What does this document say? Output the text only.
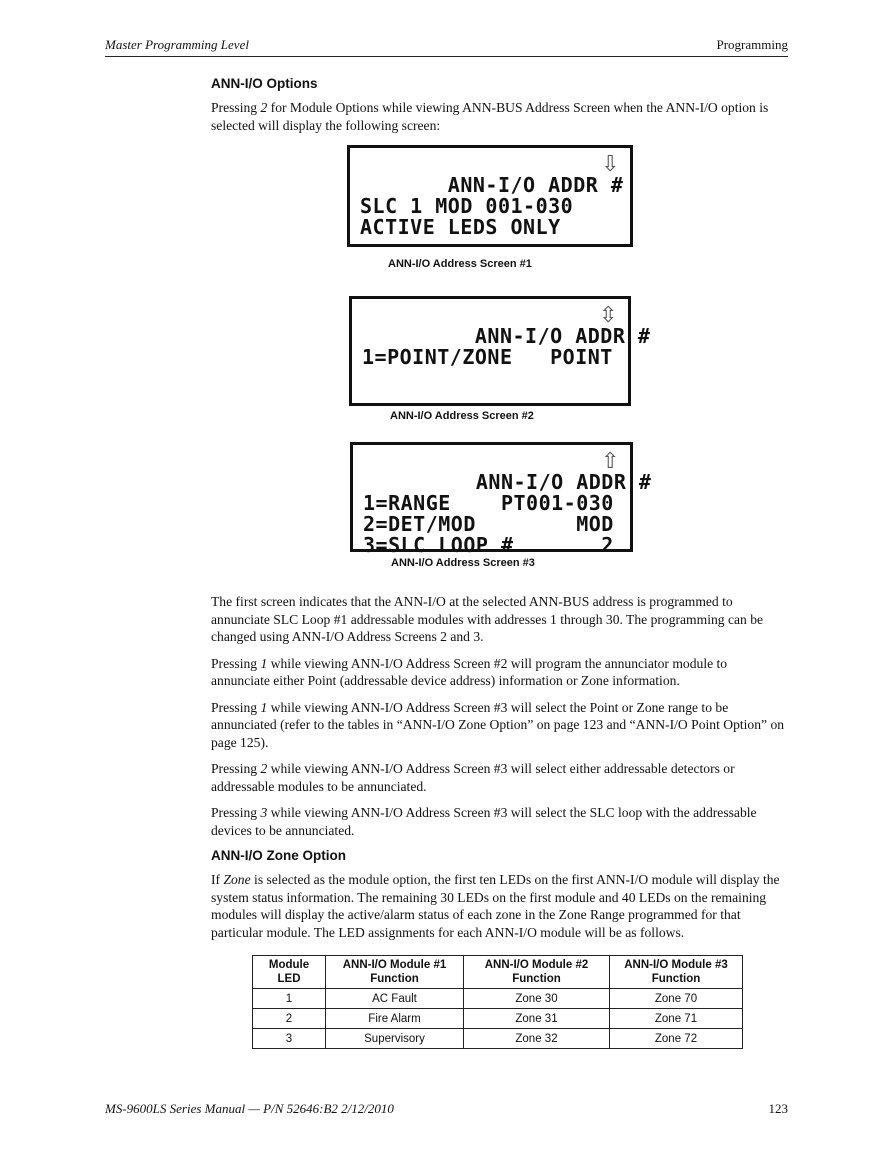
Master Programming Level	Programming
ANN-I/O Options

Pressing 2 for Module Options while viewing ANN-BUS Address Screen when the ANN-I/O option is selected will display the following screen:

ANN-I/O ADDR #
SLC 1 MOD 001-030
ACTIVE LEDS ONLY

⇩

ANN-I/O Address Screen #1

ANN-I/O ADDR #
1=POINT/ZONE   POINT

⇳

ANN-I/O Address Screen #2

ANN-I/O ADDR #
1=RANGE    PT001-030
2=DET/MOD        MOD
3=SLC LOOP #       2

⇧

ANN-I/O Address Screen #3

The first screen indicates that the ANN-I/O at the selected ANN-BUS address is programmed to annunciate SLC Loop #1 addressable modules with addresses 1 through 30. The programming can be changed using ANN-I/O Address Screens 2 and 3.

Pressing 1 while viewing ANN-I/O Address Screen #2 will program the annunciator module to annunciate either Point (addressable device address) information or Zone information.

Pressing 1 while viewing ANN-I/O Address Screen #3 will select the Point or Zone range to be annunciated (refer to the tables in “ANN-I/O Zone Option” on page 123 and “ANN-I/O Point Option” on page 125).

Pressing 2 while viewing ANN-I/O Address Screen #3 will select either addressable detectors or addressable modules to be annunciated.

Pressing 3 while viewing ANN-I/O Address Screen #3 will select the SLC loop with the addressable devices to be annunciated.

ANN-I/O Zone Option

If Zone is selected as the module option, the first ten LEDs on the first ANN-I/O module will display the system status information. The remaining 30 LEDs on the first module and 40 LEDs on the remaining modules will display the active/alarm status of each zone in the Zone Range programmed for that particular module. The LED assignments for each ANN-I/O module will be as follows.

Module LED	ANN-I/O Module #1 Function	ANN-I/O Module #2 Function	ANN-I/O Module #3 Function
1	AC Fault	Zone 30	Zone 70
2	Fire Alarm	Zone 31	Zone 71
3	Supervisory	Zone 32	Zone 72
MS-9600LS Series Manual — P/N 52646:B2 2/12/2010	123
